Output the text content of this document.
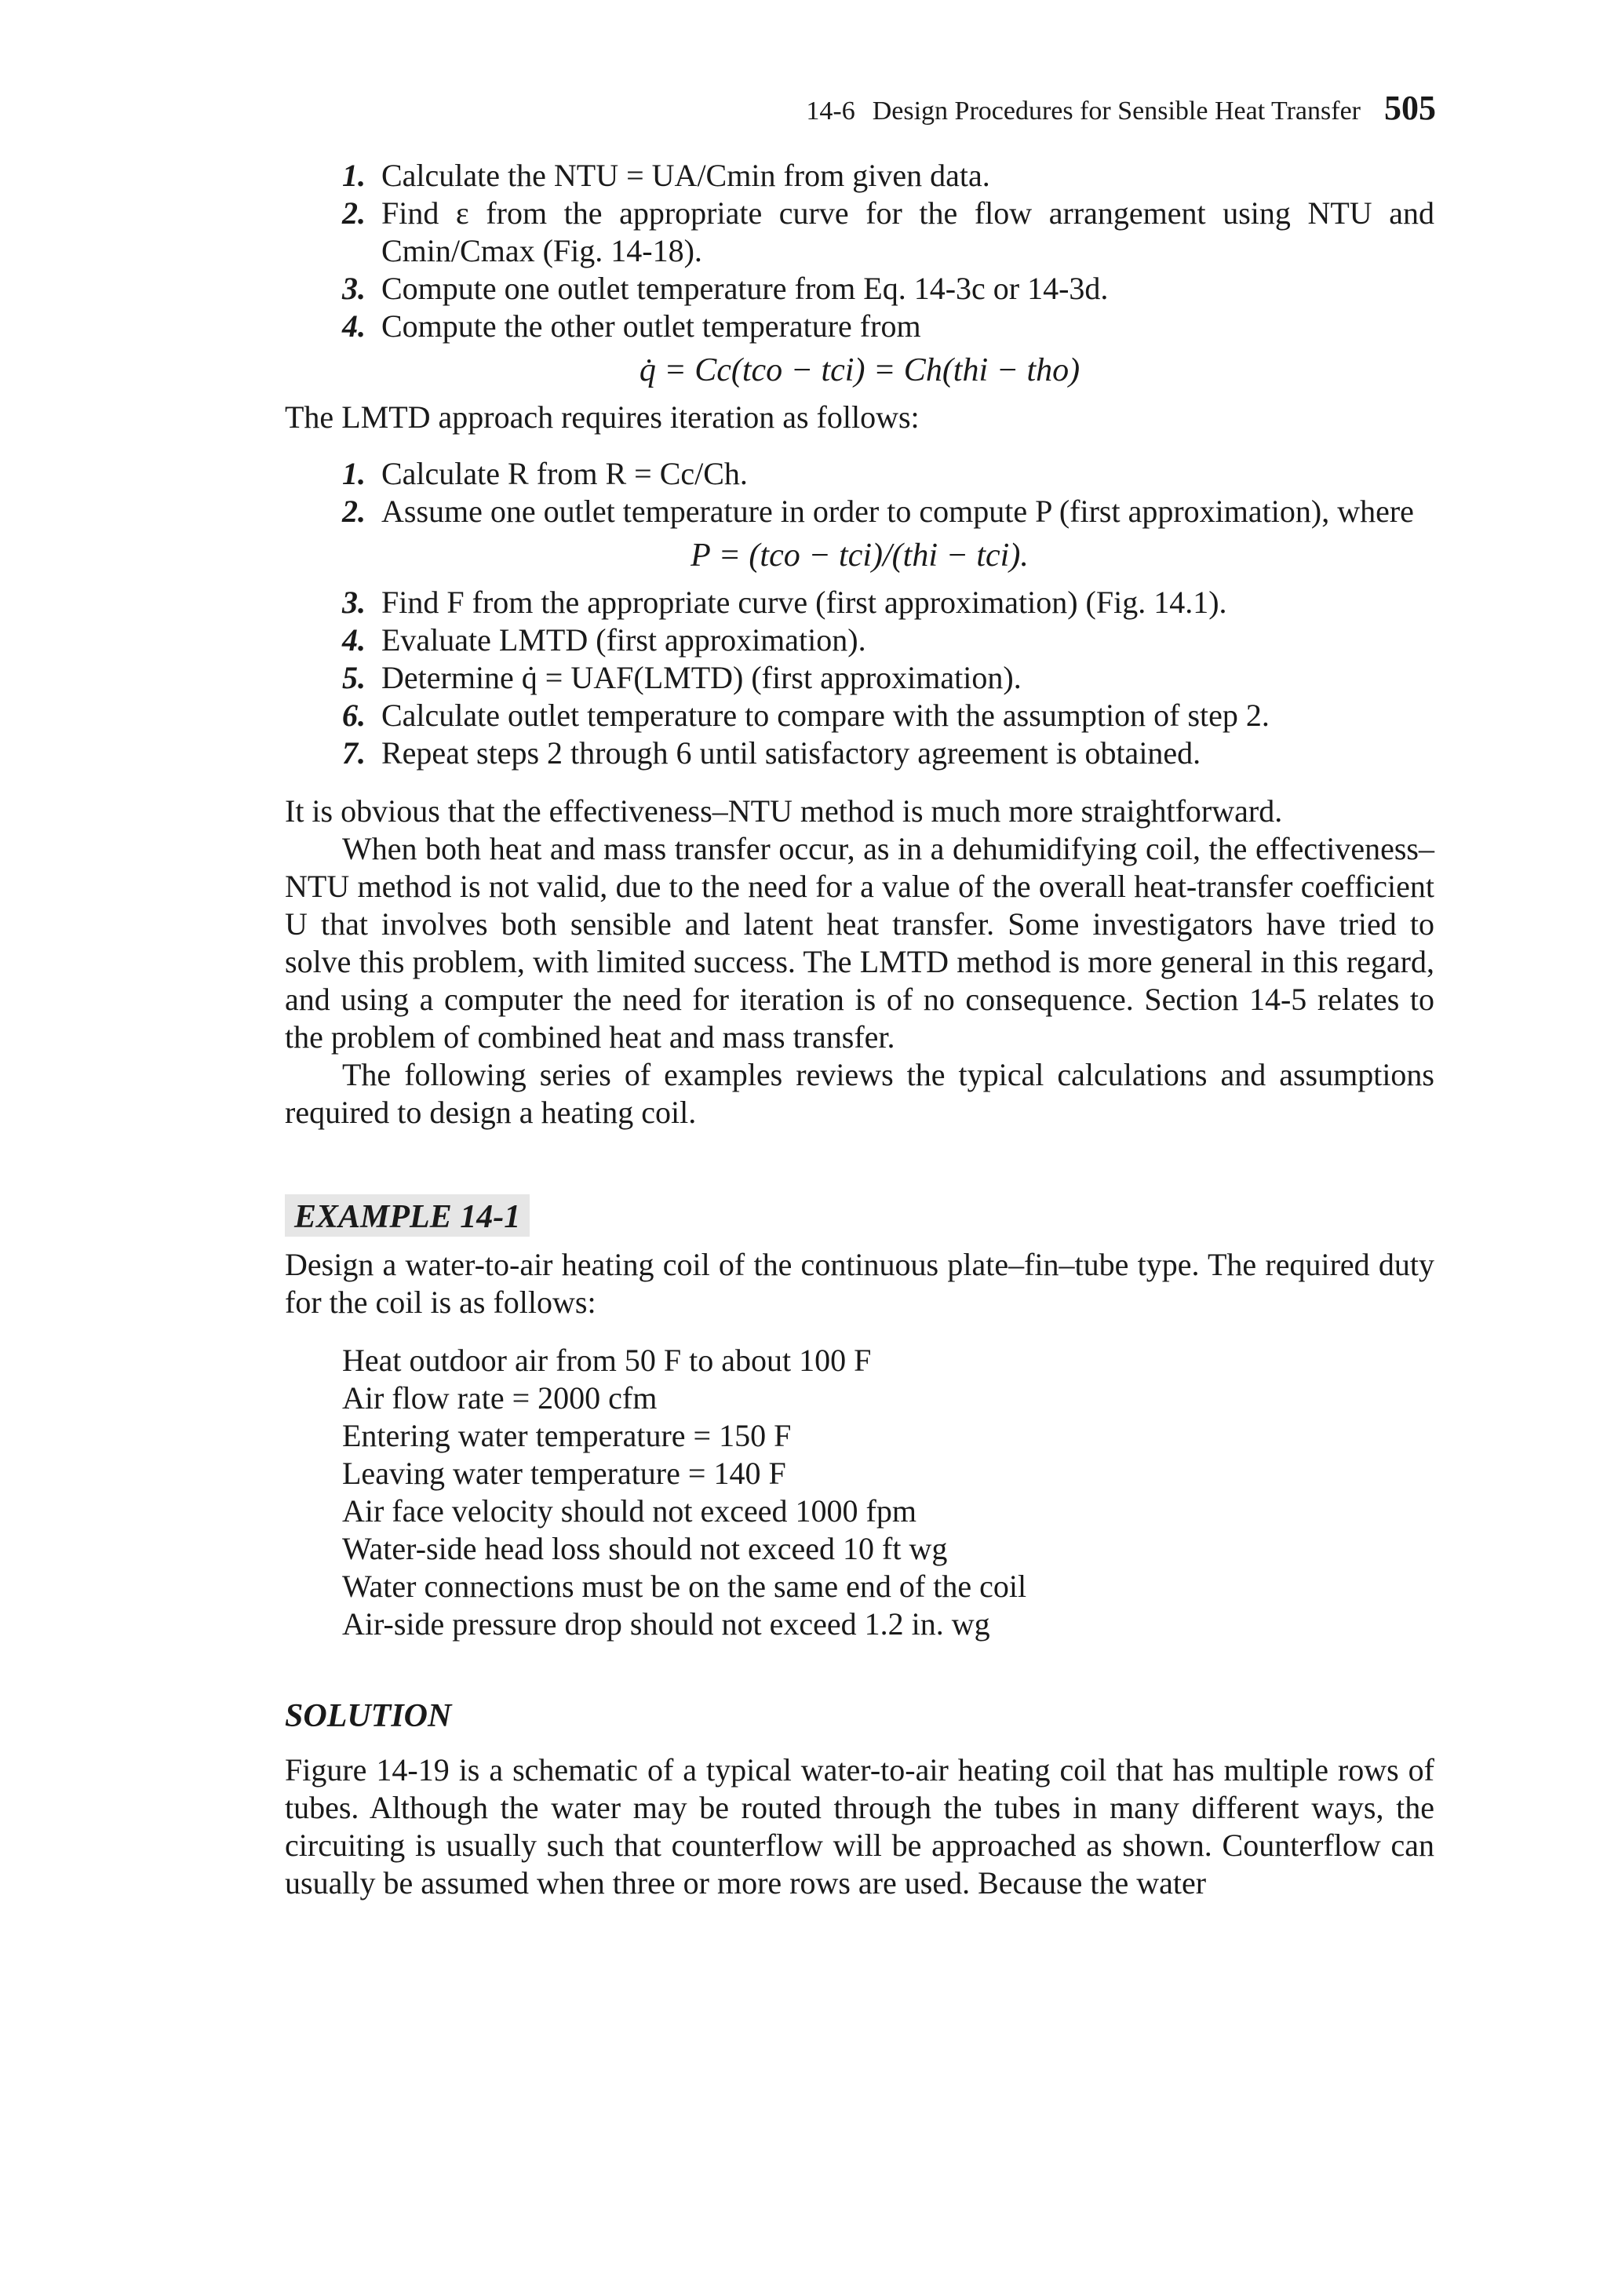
14-6 Design Procedures for Sensible Heat Transfer 505
1. Calculate the NTU = UA/Cmin from given data.
2. Find ε from the appropriate curve for the flow arrangement using NTU and Cmin/Cmax (Fig. 14-18).
3. Compute one outlet temperature from Eq. 14-3c or 14-3d.
4. Compute the other outlet temperature from
q̇ = Cc(tco − tci) = Ch(thi − tho)

The LMTD approach requires iteration as follows:

1. Calculate R from R = Cc/Ch.
2. Assume one outlet temperature in order to compute P (first approximation), where
P = (tco − tci)/(thi − tci).
3. Find F from the appropriate curve (first approximation) (Fig. 14.1).
4. Evaluate LMTD (first approximation).
5. Determine q̇ = UAF(LMTD) (first approximation).
6. Calculate outlet temperature to compare with the assumption of step 2.
7. Repeat steps 2 through 6 until satisfactory agreement is obtained.

It is obvious that the effectiveness–NTU method is much more straightforward.

When both heat and mass transfer occur, as in a dehumidifying coil, the effectiveness–NTU method is not valid, due to the need for a value of the overall heat-transfer coefficient U that involves both sensible and latent heat transfer. Some investigators have tried to solve this problem, with limited success. The LMTD method is more general in this regard, and using a computer the need for iteration is of no consequence. Section 14-5 relates to the problem of combined heat and mass transfer.

The following series of examples reviews the typical calculations and assumptions required to design a heating coil.

EXAMPLE 14-1

Design a water-to-air heating coil of the continuous plate–fin–tube type. The required duty for the coil is as follows:

Heat outdoor air from 50 F to about 100 F
Air flow rate = 2000 cfm
Entering water temperature = 150 F
Leaving water temperature = 140 F
Air face velocity should not exceed 1000 fpm
Water-side head loss should not exceed 10 ft wg
Water connections must be on the same end of the coil
Air-side pressure drop should not exceed 1.2 in. wg
SOLUTION

Figure 14-19 is a schematic of a typical water-to-air heating coil that has multiple rows of tubes. Although the water may be routed through the tubes in many different ways, the circuiting is usually such that counterflow will be approached as shown. Counterflow can usually be assumed when three or more rows are used. Because the water
